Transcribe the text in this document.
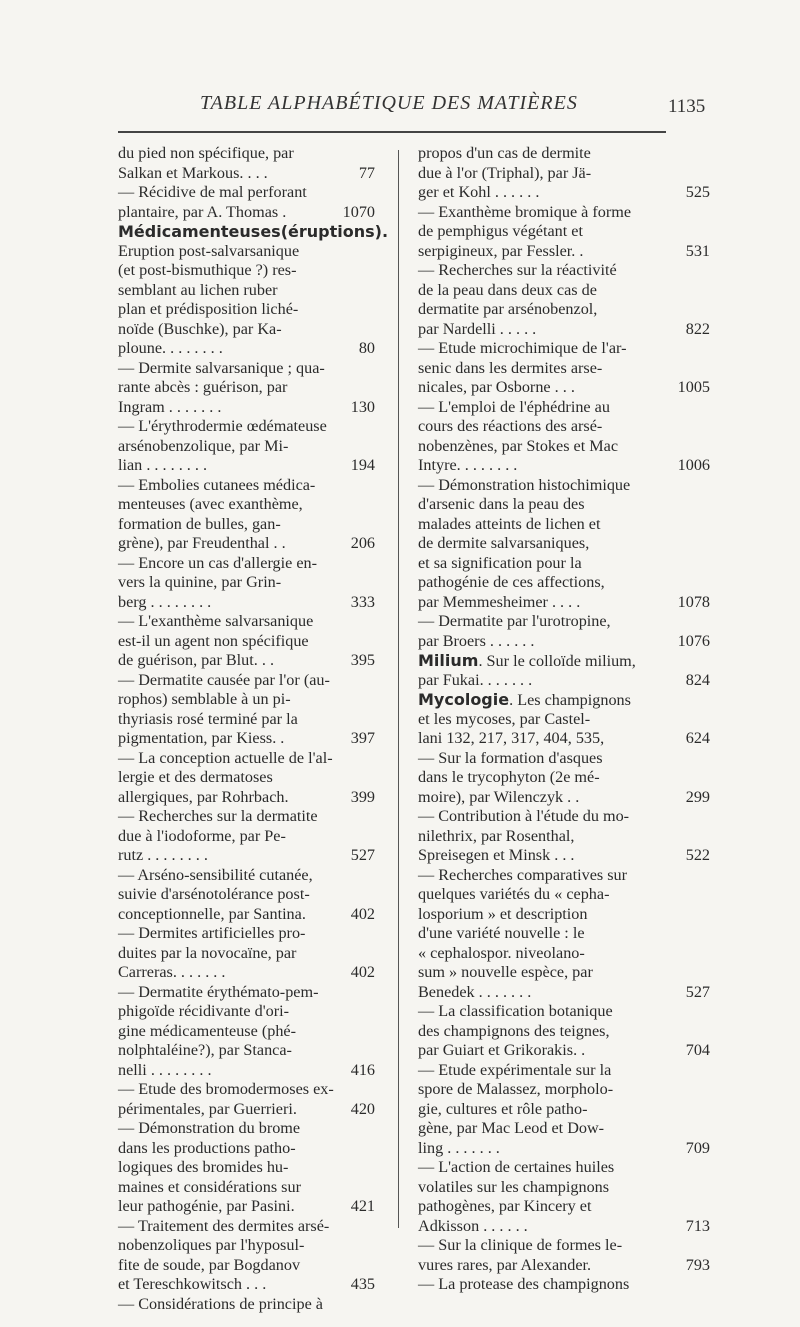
TABLE ALPHABÉTIQUE DES MATIÈRES	1135
du pied non spécifique, par
Salkan et Markous. . . .
— Récidive de mal perforant
plantaire, par A. Thomas .
Médicamenteuses(éruptions).
Eruption post-salvarsanique
(et post-bismuthique ?) res-
semblant au lichen ruber
plan et prédisposition liché-
noïde (Buschke), par Ka-
ploune. . . . . . . .
— Dermite salvarsanique ; qua-
rante abcès : guérison, par
Ingram . . . . . . .
— L'érythrodermie œdémateuse
arsénobenzolique, par Mi-
lian . . . . . . . .
— Embolies cutanees médica-
menteuses (avec exanthème,
formation de bulles, gan-
grène), par Freudenthal . .
— Encore un cas d'allergie en-
vers la quinine, par Grin-
berg . . . . . . . .
— L'exanthème salvarsanique
est-il un agent non spécifique
de guérison, par Blut. . .
— Dermatite causée par l'or (au-
rophos) semblable à un pi-
thyriasis rosé terminé par la
pigmentation, par Kiess. .
— La conception actuelle de l'al-
lergie et des dermatoses
allergiques, par Rohrbach.
— Recherches sur la dermatite
due à l'iodoforme, par Pe-
rutz . . . . . . . .
— Arséno-sensibilité cutanée,
suivie d'arsénotolérance post-
conceptionnelle, par Santina.
— Dermites artificielles pro-
duites par la novocaïne, par
Carreras. . . . . . .
— Dermatite érythémato-pem-
phigoïde récidivante d'ori-
gine médicamenteuse (phé-
nolphtaléine?), par Stanca-
nelli . . . . . . . .
— Etude des bromodermoses ex-
périmentales, par Guerrieri.
— Démonstration du brome
dans les productions patho-
logiques des bromides hu-
maines et considérations sur
leur pathogénie, par Pasini.
— Traitement des dermites arsé-
nobenzoliques par l'hyposul-
fite de soude, par Bogdanov
et Tereschkowitsch . . .
— Considérations de principe à
77
1070
80
130
194
206
333
395
397
399
527
402
402
416
420
421
435
propos d'un cas de dermite
due à l'or (Triphal), par Jä-
ger et Kohl . . . . . .
— Exanthème bromique à forme
de pemphigus végétant et
serpigineux, par Fessler. .
— Recherches sur la réactivité
de la peau dans deux cas de
dermatite par arsénobenzol,
par Nardelli . . . . .
— Etude microchimique de l'ar-
senic dans les dermites arse-
nicales, par Osborne . . .
— L'emploi de l'éphédrine au
cours des réactions des arsé-
nobenzènes, par Stokes et Mac
Intyre. . . . . . . .
— Démonstration histochimique
d'arsenic dans la peau des
malades atteints de lichen et
de dermite salvarsaniques,
et sa signification pour la
pathogénie de ces affections,
par Memmesheimer . . . .
— Dermatite par l'urotropine,
par Broers . . . . . .
Milium. Sur le colloïde milium,
par Fukai. . . . . . .
Mycologie. Les champignons
et les mycoses, par Castel-
lani 132, 217, 317, 404, 535,
— Sur la formation d'asques
dans le trycophyton (2e mé-
moire), par Wilenczyk . .
— Contribution à l'étude du mo-
nilethrix, par Rosenthal,
Spreisegen et Minsk . . .
— Recherches comparatives sur
quelques variétés du « cepha-
losporium » et description
d'une variété nouvelle : le
« cephalospor. niveolano-
sum » nouvelle espèce, par
Benedek . . . . . . .
— La classification botanique
des champignons des teignes,
par Guiart et Grikorakis. .
— Etude expérimentale sur la
spore de Malassez, morpholo-
gie, cultures et rôle patho-
gène, par Mac Leod et Dow-
ling . . . . . . .
— L'action de certaines huiles
volatiles sur les champignons
pathogènes, par Kincery et
Adkisson . . . . . .
— Sur la clinique de formes le-
vures rares, par Alexander.
— La protease des champignons
525
531
822
1005
1006
1078
1076
824
624
299
522
527
704
709
713
793
